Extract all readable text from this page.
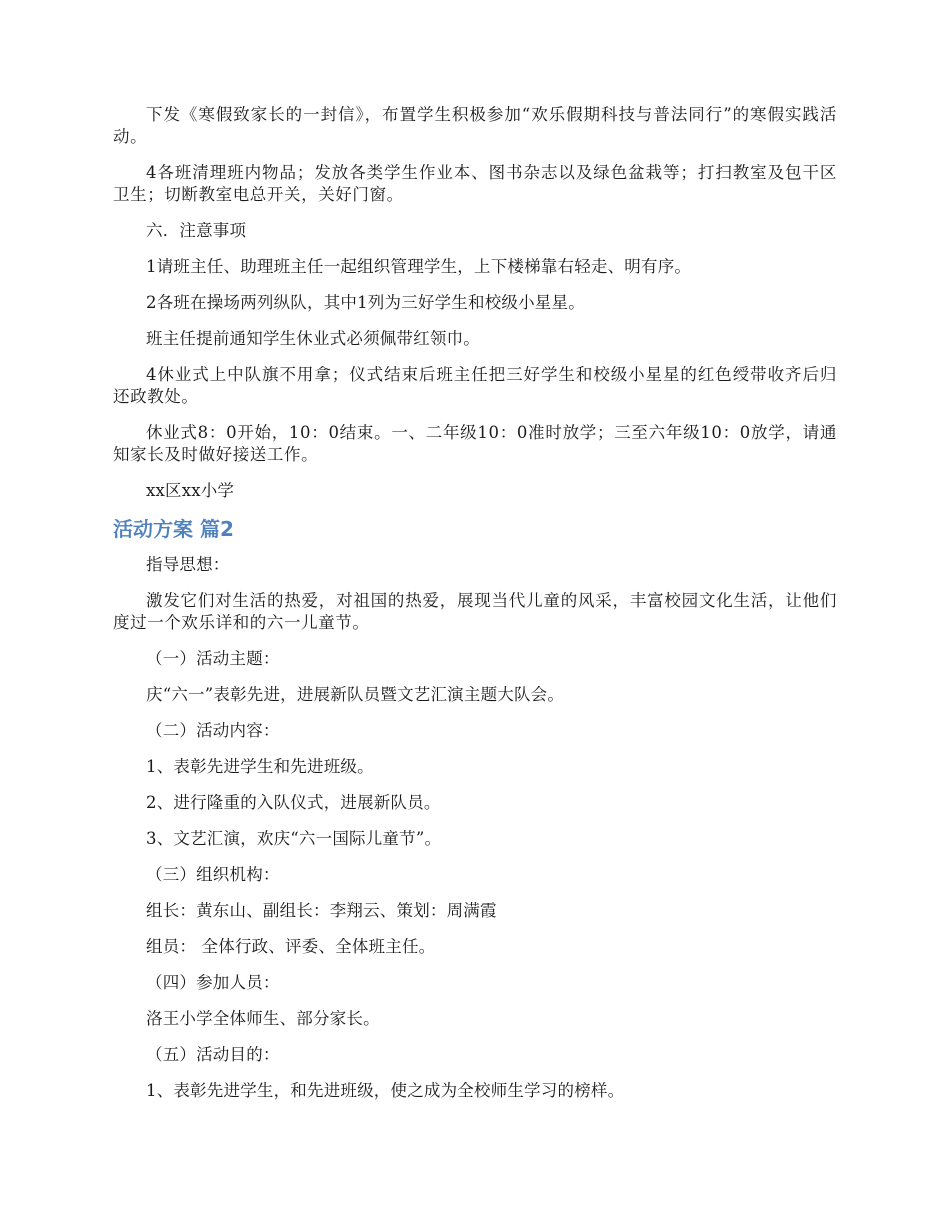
下发《寒假致家长的一封信》，布置学生积极参加“欢乐假期科技与普法同行”的寒假实践活动。

4各班清理班内物品；发放各类学生作业本、图书杂志以及绿色盆栽等；打扫教室及包干区卫生；切断教室电总开关，关好门窗。

六．注意事项

1请班主任、助理班主任一起组织管理学生，上下楼梯靠右轻走、明有序。

2各班在操场两列纵队，其中1列为三好学生和校级小星星。

班主任提前通知学生休业式必须佩带红领巾。

4休业式上中队旗不用拿；仪式结束后班主任把三好学生和校级小星星的红色绶带收齐后归还政教处。

休业式8：0开始，10：0结束。一、二年级10：0准时放学；三至六年级10：0放学，请通知家长及时做好接送工作。

xx区xx小学

活动方案 篇2

指导思想：

激发它们对生活的热爱，对祖国的热爱，展现当代儿童的风采，丰富校园文化生活，让他们度过一个欢乐详和的六一儿童节。

（一）活动主题：

庆“六一”表彰先进，进展新队员暨文艺汇演主题大队会。

（二）活动内容：

1、表彰先进学生和先进班级。

2、进行隆重的入队仪式，进展新队员。

3、文艺汇演，欢庆“六一国际儿童节”。

（三）组织机构：

组长：黄东山、副组长：李翔云、策划：周满霞

组员： 全体行政、评委、全体班主任。

（四）参加人员：

洛王小学全体师生、部分家长。

（五）活动目的：

1、表彰先进学生，和先进班级，使之成为全校师生学习的榜样。
